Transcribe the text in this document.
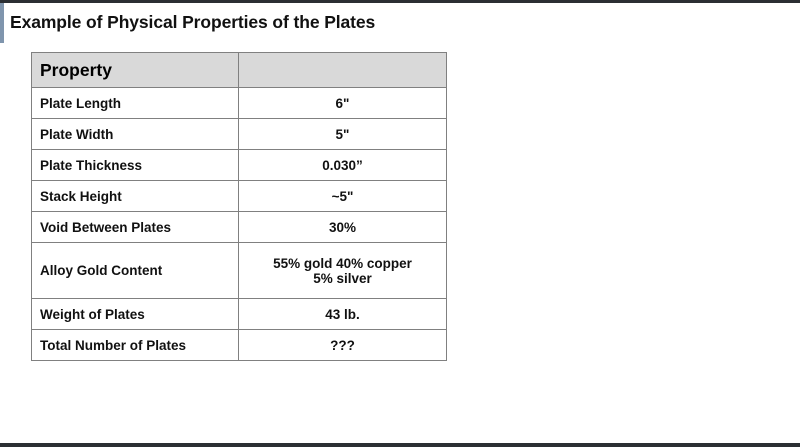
Example of Physical Properties of the Plates
Property	
Plate Length	6"
Plate Width	5"
Plate Thickness	0.030”
Stack Height	~5"
Void Between Plates	30%
Alloy Gold Content	55% gold 40% copper
5% silver

Weight of Plates	43 lb.
Total Number of Plates	???
